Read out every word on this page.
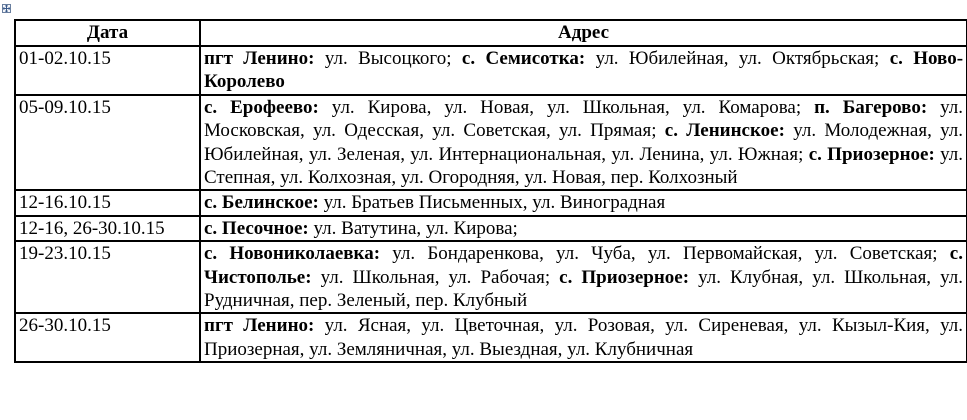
Дата	Адрес
01-02.10.15	пгт Ленино: ул. Высоцкого; с. Семисотка: ул. Юбилейная, ул. Октябрьская; с. Ново-Королево
05-09.10.15	с. Ерофеево: ул. Кирова, ул. Новая, ул. Школьная, ул. Комарова; п. Багерово: ул. Московская, ул. Одесская, ул. Советская, ул. Прямая; с. Ленинское: ул. Молодежная, ул. Юбилейная, ул. Зеленая, ул. Интернациональная, ул. Ленина, ул. Южная; с. Приозерное: ул. Степная, ул. Колхозная, ул. Огородняя, ул. Новая, пер. Колхозный
12-16.10.15	с. Белинское: ул. Братьев Письменных, ул. Виноградная
12-16, 26-30.10.15	с. Песочное: ул. Ватутина, ул. Кирова;
19-23.10.15	с. Новониколаевка: ул. Бондаренкова, ул. Чуба, ул. Первомайская, ул. Советская; с. Чистополье: ул. Школьная, ул. Рабочая; с. Приозерное: ул. Клубная, ул. Школьная, ул. Рудничная, пер. Зеленый, пер. Клубный
26-30.10.15	пгт Ленино: ул. Ясная, ул. Цветочная, ул. Розовая, ул. Сиреневая, ул. Кызыл-Кия, ул. Приозерная, ул. Земляничная, ул. Выездная, ул. Клубничная
